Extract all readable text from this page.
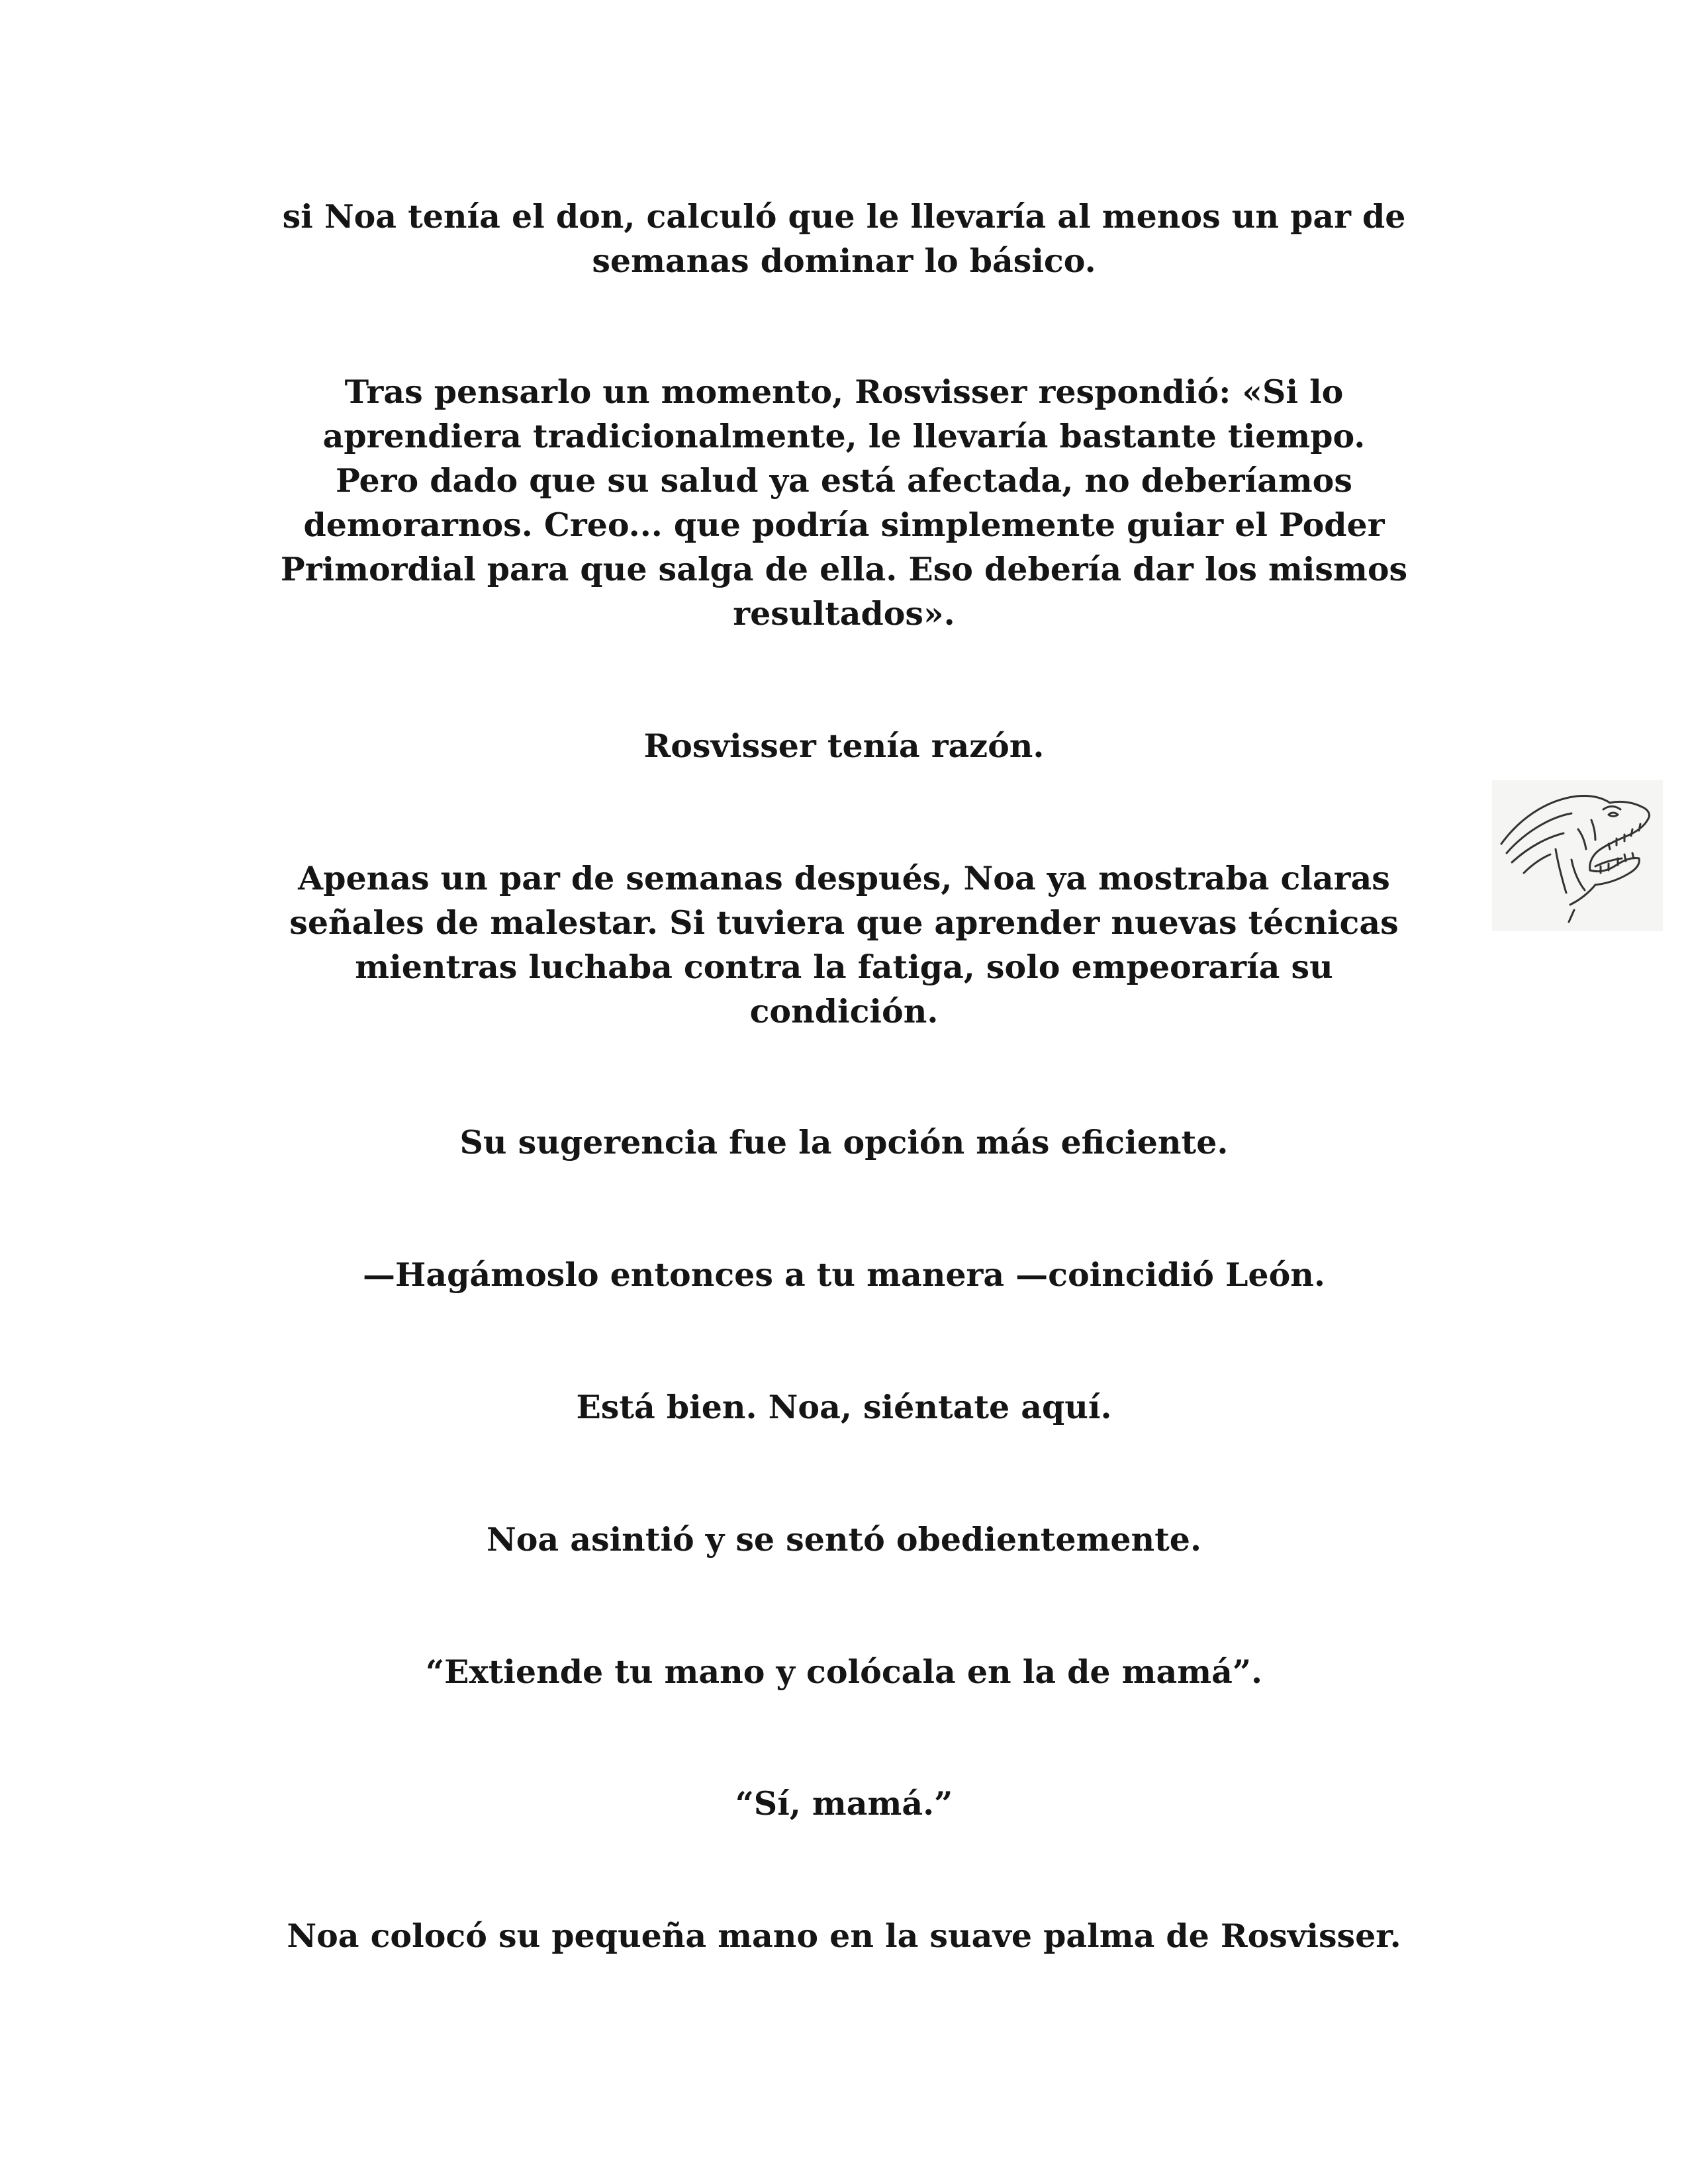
si Noa tenía el don, calculó que le llevaría al menos un par de
semanas dominar lo básico.

Tras pensarlo un momento, Rosvisser respondió: «Si lo
aprendiera tradicionalmente, le llevaría bastante tiempo.
Pero dado que su salud ya está afectada, no deberíamos
demorarnos. Creo... que podría simplemente guiar el Poder
Primordial para que salga de ella. Eso debería dar los mismos
resultados».

Rosvisser tenía razón.

Apenas un par de semanas después, Noa ya mostraba claras
señales de malestar. Si tuviera que aprender nuevas técnicas
mientras luchaba contra la fatiga, solo empeoraría su
condición.

Su sugerencia fue la opción más eficiente.

—Hagámoslo entonces a tu manera —coincidió León.

Está bien. Noa, siéntate aquí.

Noa asintió y se sentó obedientemente.

“Extiende tu mano y colócala en la de mamá”.

“Sí, mamá.”

Noa colocó su pequeña mano en la suave palma de Rosvisser.
